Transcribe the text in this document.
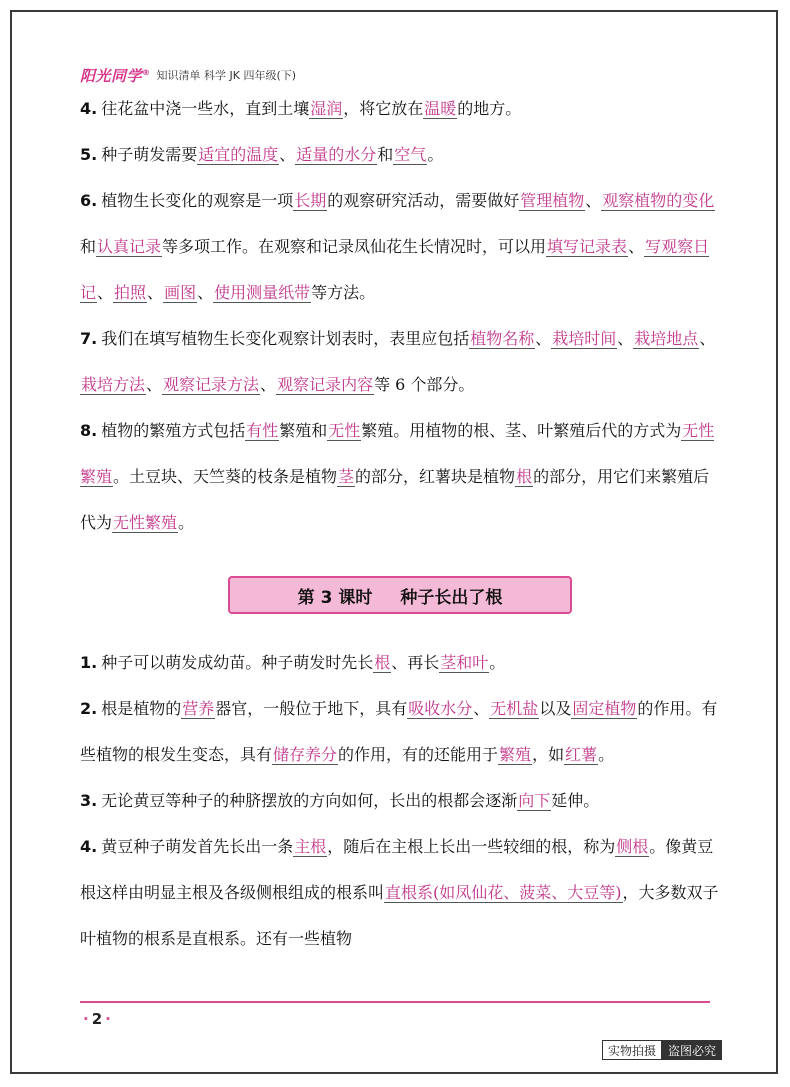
阳光同学® 知识清单 科学 JK 四年级(下)

4. 往花盆中浇一些水，直到土壤湿润，将它放在温暖的地方。

5. 种子萌发需要适宜的温度、适量的水分和空气。

6. 植物生长变化的观察是一项长期的观察研究活动，需要做好管理植物、观察植物的变化和认真记录等多项工作。在观察和记录凤仙花生长情况时，可以用填写记录表、写观察日记、拍照、画图、使用测量纸带等方法。

7. 我们在填写植物生长变化观察计划表时，表里应包括植物名称、栽培时间、栽培地点、栽培方法、观察记录方法、观察记录内容等 6 个部分。

8. 植物的繁殖方式包括有性繁殖和无性繁殖。用植物的根、茎、叶繁殖后代的方式为无性繁殖。土豆块、天竺葵的枝条是植物茎的部分，红薯块是植物根的部分，用它们来繁殖后代为无性繁殖。

第 3 课时 种子长出了根

1. 种子可以萌发成幼苗。种子萌发时先长根、再长茎和叶。

2. 根是植物的营养器官，一般位于地下，具有吸收水分、无机盐以及固定植物的作用。有些植物的根发生变态，具有储存养分的作用，有的还能用于繁殖，如红薯。

3. 无论黄豆等种子的种脐摆放的方向如何，长出的根都会逐渐向下延伸。

4. 黄豆种子萌发首先长出一条主根，随后在主根上长出一些较细的根，称为侧根。像黄豆根这样由明显主根及各级侧根组成的根系叫直根系(如凤仙花、菠菜、大豆等)，大多数双子叶植物的根系是直根系。还有一些植物

· 2 ·
实物拍摄	盗图必究
